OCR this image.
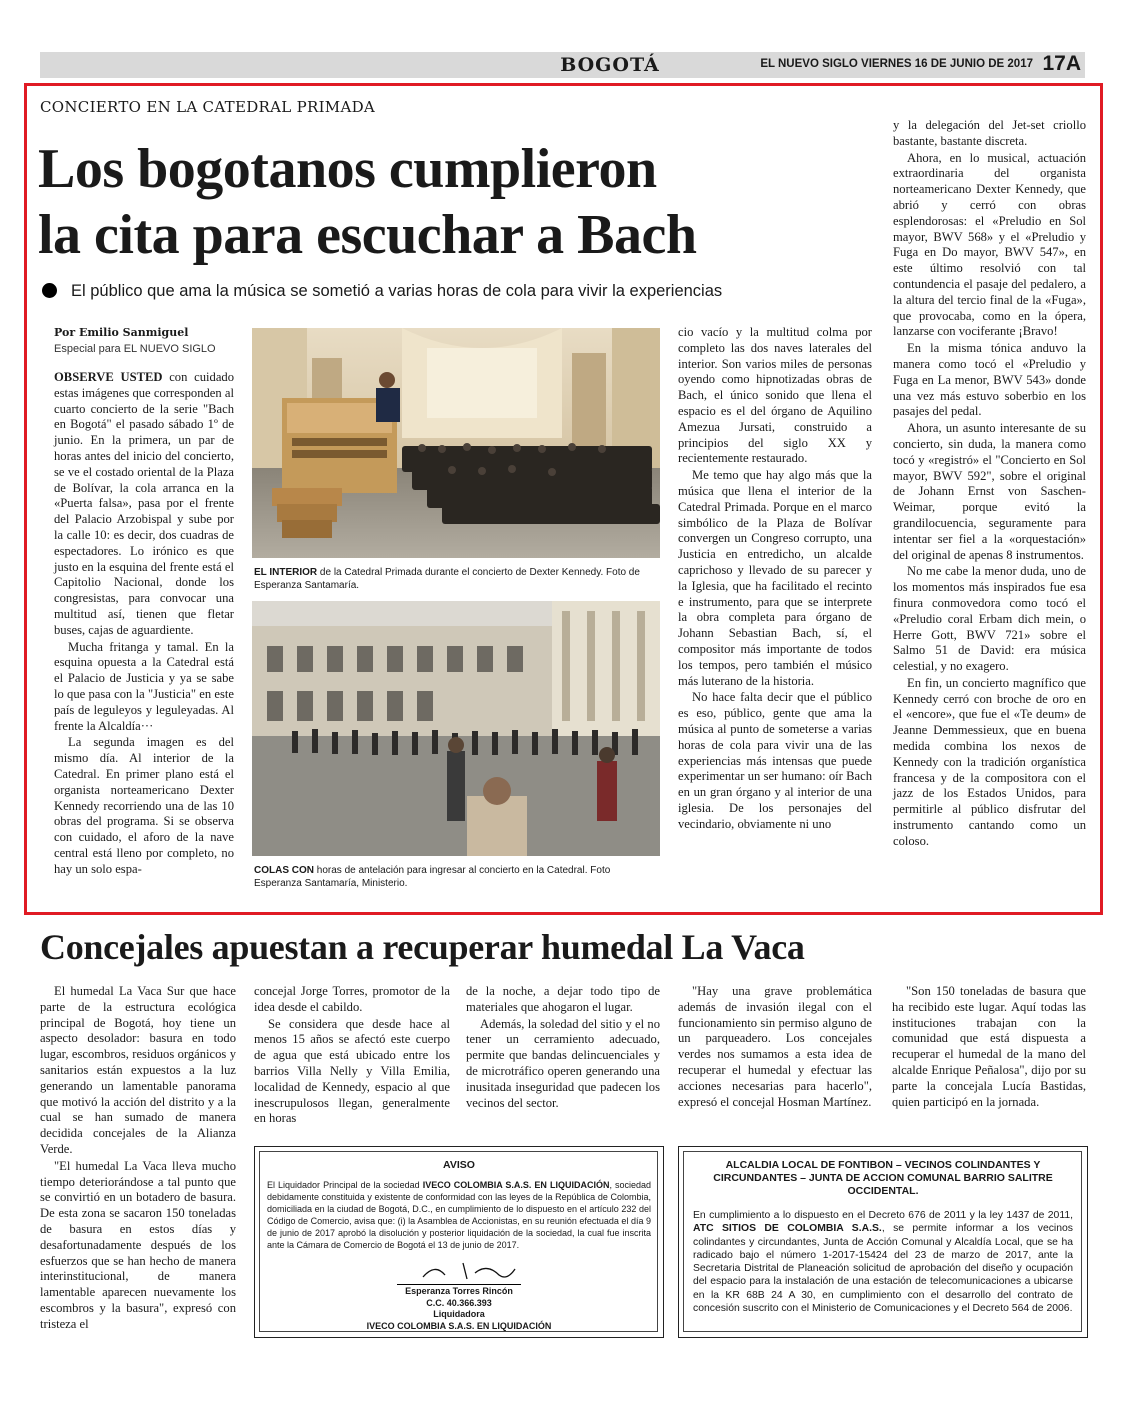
BOGOTÁ	EL NUEVO SIGLO VIERNES 16 DE JUNIO DE 2017 17A
CONCIERTO EN LA CATEDRAL PRIMADA
Los bogotanos cumplieron
la cita para escuchar a Bach
El público que ama la música se sometió a varias horas de cola para vivir la experiencias
Por Emilio Sanmiguel
Especial para EL NUEVO SIGLO

OBSERVE USTED con cuidado estas imágenes que corresponden al cuarto concierto de la serie "Bach en Bogotá" el pasado sábado 1º de junio. En la primera, un par de horas antes del inicio del concierto, se ve el costado oriental de la Plaza de Bolívar, la cola arranca en la «Puerta falsa», pasa por el frente del Palacio Arzobispal y sube por la calle 10: es decir, dos cuadras de espectadores. Lo irónico es que justo en la esquina del frente está el Capitolio Nacional, donde los congresistas, para convocar una multitud así, tienen que fletar buses, cajas de aguardiente.

Mucha fritanga y tamal. En la esquina opuesta a la Catedral está el Palacio de Justicia y ya se sabe lo que pasa con la "Justicia" en este país de leguleyos y leguleyadas. Al frente la Alcaldía···

La segunda imagen es del mismo día. Al interior de la Catedral. En primer plano está el organista norteamericano Dexter Kennedy recorriendo una de las 10 obras del programa. Si se observa con cuidado, el aforo de la nave central está lleno por completo, no hay un solo espa-

EL INTERIOR de la Catedral Primada durante el concierto de Dexter Kennedy. Foto de Esperanza Santamaría.
COLAS CON horas de antelación para ingresar al concierto en la Catedral. Foto Esperanza Santamaría, Ministerio.

cio vacío y la multitud colma por completo las dos naves laterales del interior. Son varios miles de personas oyendo como hipnotizadas obras de Bach, el único sonido que llena el espacio es el del órgano de Aquilino Amezua Jursati, construido a principios del siglo XX y recientemente restaurado.

Me temo que hay algo más que la música que llena el interior de la Catedral Primada. Porque en el marco simbólico de la Plaza de Bolívar convergen un Congreso corrupto, una Justicia en entredicho, un alcalde caprichoso y llevado de su parecer y la Iglesia, que ha facilitado el recinto e instrumento, para que se interprete la obra completa para órgano de Johann Sebastian Bach, sí, el compositor más importante de todos los tempos, pero también el músico más luterano de la historia.

No hace falta decir que el público es eso, público, gente que ama la música al punto de someterse a varias horas de cola para vivir una de las experiencias más intensas que puede experimentar un ser humano: oír Bach en un gran órgano y al interior de una iglesia. De los personajes del vecindario, obviamente ni uno

y la delegación del Jet-set criollo bastante, bastante discreta.

Ahora, en lo musical, actuación extraordinaria del organista norteamericano Dexter Kennedy, que abrió y cerró con obras esplendorosas: el «Preludio en Sol mayor, BWV 568» y el «Preludio y Fuga en Do mayor, BWV 547», en este último resolvió con tal contundencia el pasaje del pedalero, a la altura del tercio final de la «Fuga», que provocaba, como en la ópera, lanzarse con vociferante ¡Bravo!

En la misma tónica anduvo la manera como tocó el «Preludio y Fuga en La menor, BWV 543» donde una vez más estuvo soberbio en los pasajes del pedal.

Ahora, un asunto interesante de su concierto, sin duda, la manera como tocó y «registró» el "Concierto en Sol mayor, BWV 592", sobre el original de Johann Ernst von Saschen-Weimar, porque evitó la grandilocuencia, seguramente para intentar ser fiel a la «orquestación» del original de apenas 8 instrumentos.

No me cabe la menor duda, uno de los momentos más inspirados fue esa finura conmovedora como tocó el «Preludio coral Erbam dich mein, o Herre Gott, BWV 721» sobre el Salmo 51 de David: era música celestial, y no exagero.

En fin, un concierto magnífico que Kennedy cerró con broche de oro en el «encore», que fue el «Te deum» de Jeanne Demmessieux, que en buena medida combina los nexos de Kennedy con la tradición organística francesa y de la compositora con el jazz de los Estados Unidos, para permitirle al público disfrutar del instrumento cantando como un coloso.

Concejales apuestan a recuperar humedal La Vaca

El humedal La Vaca Sur que hace parte de la estructura ecológica principal de Bogotá, hoy tiene un aspecto desolador: basura en todo lugar, escombros, residuos orgánicos y sanitarios están expuestos a la luz generando un lamentable panorama que motivó la acción del distrito y a la cual se han sumado de manera decidida concejales de la Alianza Verde.

"El humedal La Vaca lleva mucho tiempo deteriorándose a tal punto que se convirtió en un botadero de basura. De esta zona se sacaron 150 toneladas de basura en estos días y desafortunadamente después de los esfuerzos que se han hecho de manera interinstitucional, de manera lamentable aparecen nuevamente los escombros y la basura", expresó con tristeza el

concejal Jorge Torres, promotor de la idea desde el cabildo.

Se considera que desde hace al menos 15 años se afectó este cuerpo de agua que está ubicado entre los barrios Villa Nelly y Villa Emilia, localidad de Kennedy, espacio al que inescrupulosos llegan, generalmente en horas

de la noche, a dejar todo tipo de materiales que ahogaron el lugar.

Además, la soledad del sitio y el no tener un cerramiento adecuado, permite que bandas delincuenciales y de microtráfico operen generando una inusitada inseguridad que padecen los vecinos del sector.

"Hay una grave problemática además de invasión ilegal con el funcionamiento sin permiso alguno de un parqueadero. Los concejales verdes nos sumamos a esta idea de recuperar el humedal y efectuar las acciones necesarias para hacerlo", expresó el concejal Hosman Martínez.

"Son 150 toneladas de basura que ha recibido este lugar. Aquí todas las instituciones trabajan con la comunidad que está dispuesta a recuperar el humedal de la mano del alcalde Enrique Peñalosa", dijo por su parte la concejala Lucía Bastidas, quien participó en la jornada.

AVISO
El Liquidador Principal de la sociedad IVECO COLOMBIA S.A.S. EN LIQUIDACIÓN, sociedad debidamente constituida y existente de conformidad con las leyes de la República de Colombia, domiciliada en la ciudad de Bogotá, D.C., en cumplimiento de lo dispuesto en el artículo 232 del Código de Comercio, avisa que: (i) la Asamblea de Accionistas, en su reunión efectuada el día 9 de junio de 2017 aprobó la disolución y posterior liquidación de la sociedad, la cual fue inscrita ante la Cámara de Comercio de Bogotá el 13 de junio de 2017.
Esperanza Torres Rincón
C.C. 40.366.393
Liquidadora
IVECO COLOMBIA S.A.S. EN LIQUIDACIÓN
ALCALDIA LOCAL DE FONTIBON – VECINOS COLINDANTES Y CIRCUNDANTES – JUNTA DE ACCION COMUNAL BARRIO SALITRE OCCIDENTAL.
En cumplimiento a lo dispuesto en el Decreto 676 de 2011 y la ley 1437 de 2011, ATC SITIOS DE COLOMBIA S.A.S., se permite informar a los vecinos colindantes y circundantes, Junta de Acción Comunal y Alcaldía Local, que se ha radicado bajo el número 1-2017-15424 del 23 de marzo de 2017, ante la Secretaria Distrital de Planeación solicitud de aprobación del diseño y ocupación del espacio para la instalación de una estación de telecomunicaciones a ubicarse en la KR 68B 24 A 30, en cumplimiento con el desarrollo del contrato de concesión suscrito con el Ministerio de Comunicaciones y el Decreto 564 de 2006.
